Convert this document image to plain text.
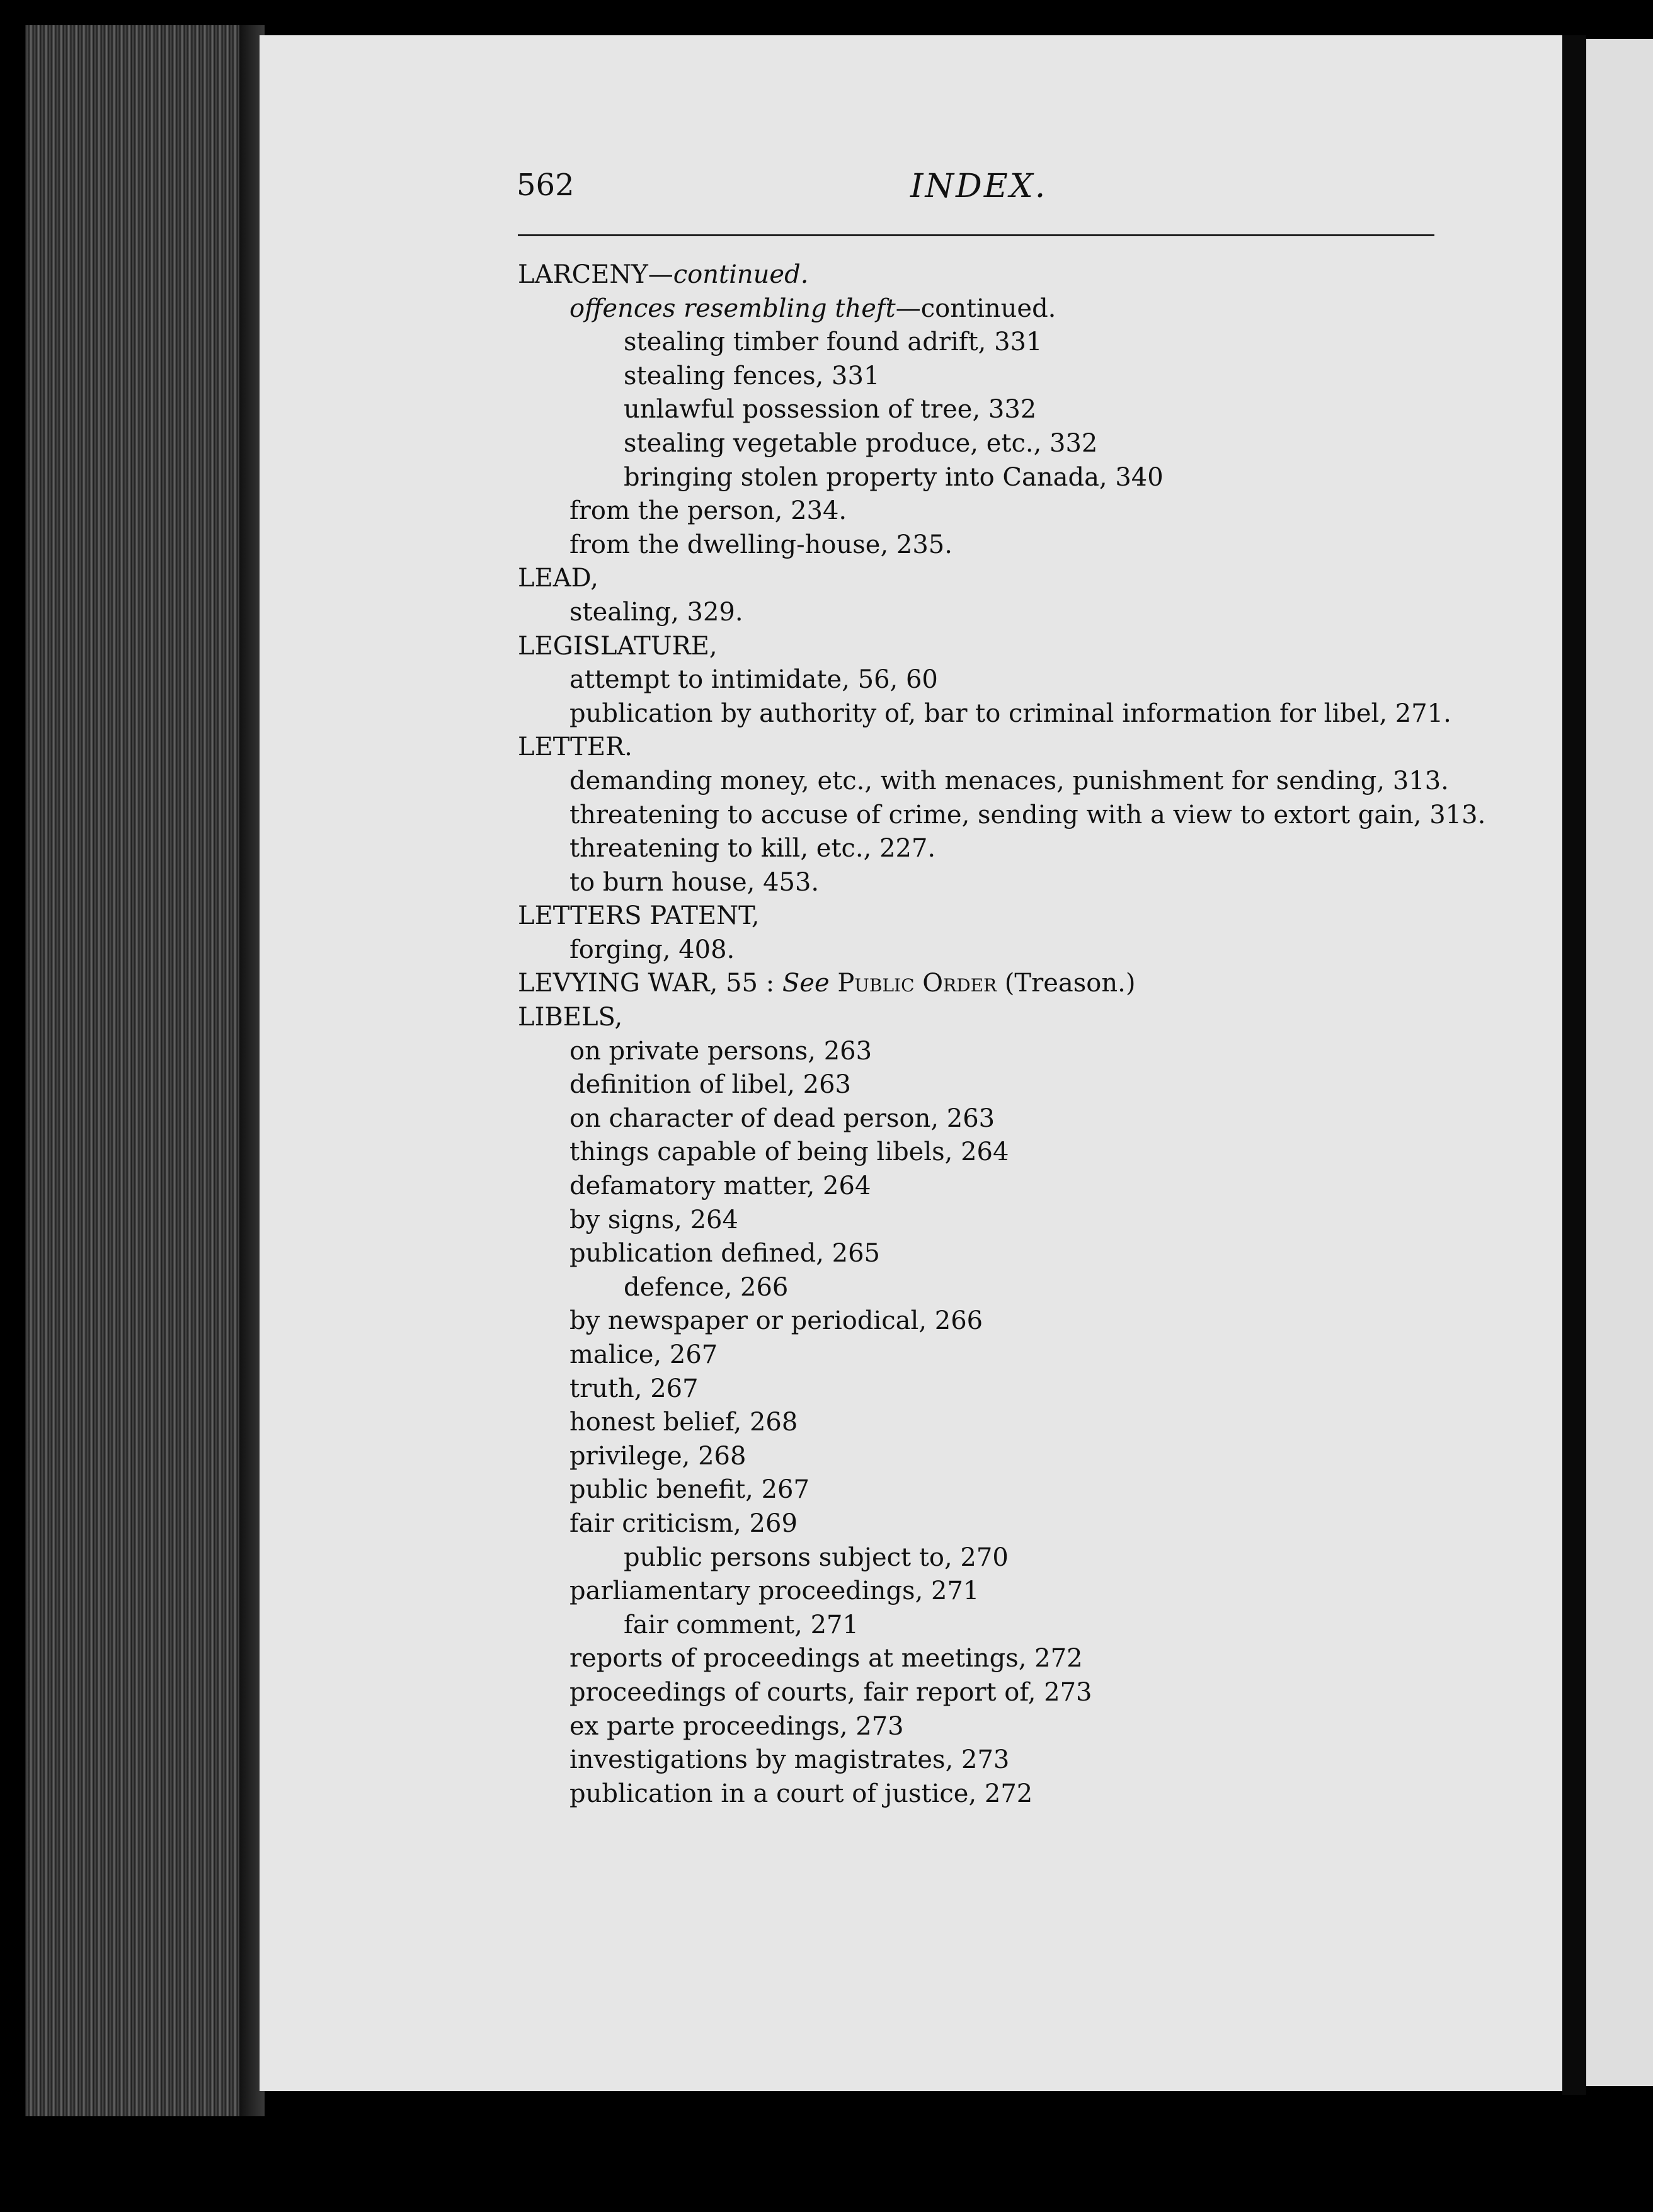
562	INDEX.
LARCENY—continued.
offences resembling theft—continued.
stealing timber found adrift, 331
stealing fences, 331
unlawful possession of tree, 332
stealing vegetable produce, etc., 332
bringing stolen property into Canada, 340
from the person, 234.
from the dwelling-house, 235.
LEAD,
stealing, 329.
LEGISLATURE,
attempt to intimidate, 56, 60
publication by authority of, bar to criminal information for libel, 271.
LETTER.
demanding money, etc., with menaces, punishment for sending, 313.
threatening to accuse of crime, sending with a view to extort gain, 313.
threatening to kill, etc., 227.
to burn house, 453.
LETTERS PATENT,
forging, 408.
LEVYING WAR, 55 : See Public Order (Treason.)
LIBELS,
on private persons, 263
definition of libel, 263
on character of dead person, 263
things capable of being libels, 264
defamatory matter, 264
by signs, 264
publication defined, 265
defence, 266
by newspaper or periodical, 266
malice, 267
truth, 267
honest belief, 268
privilege, 268
public benefit, 267
fair criticism, 269
public persons subject to, 270
parliamentary proceedings, 271
fair comment, 271
reports of proceedings at meetings, 272
proceedings of courts, fair report of, 273
ex parte proceedings, 273
investigations by magistrates, 273
publication in a court of justice, 272
